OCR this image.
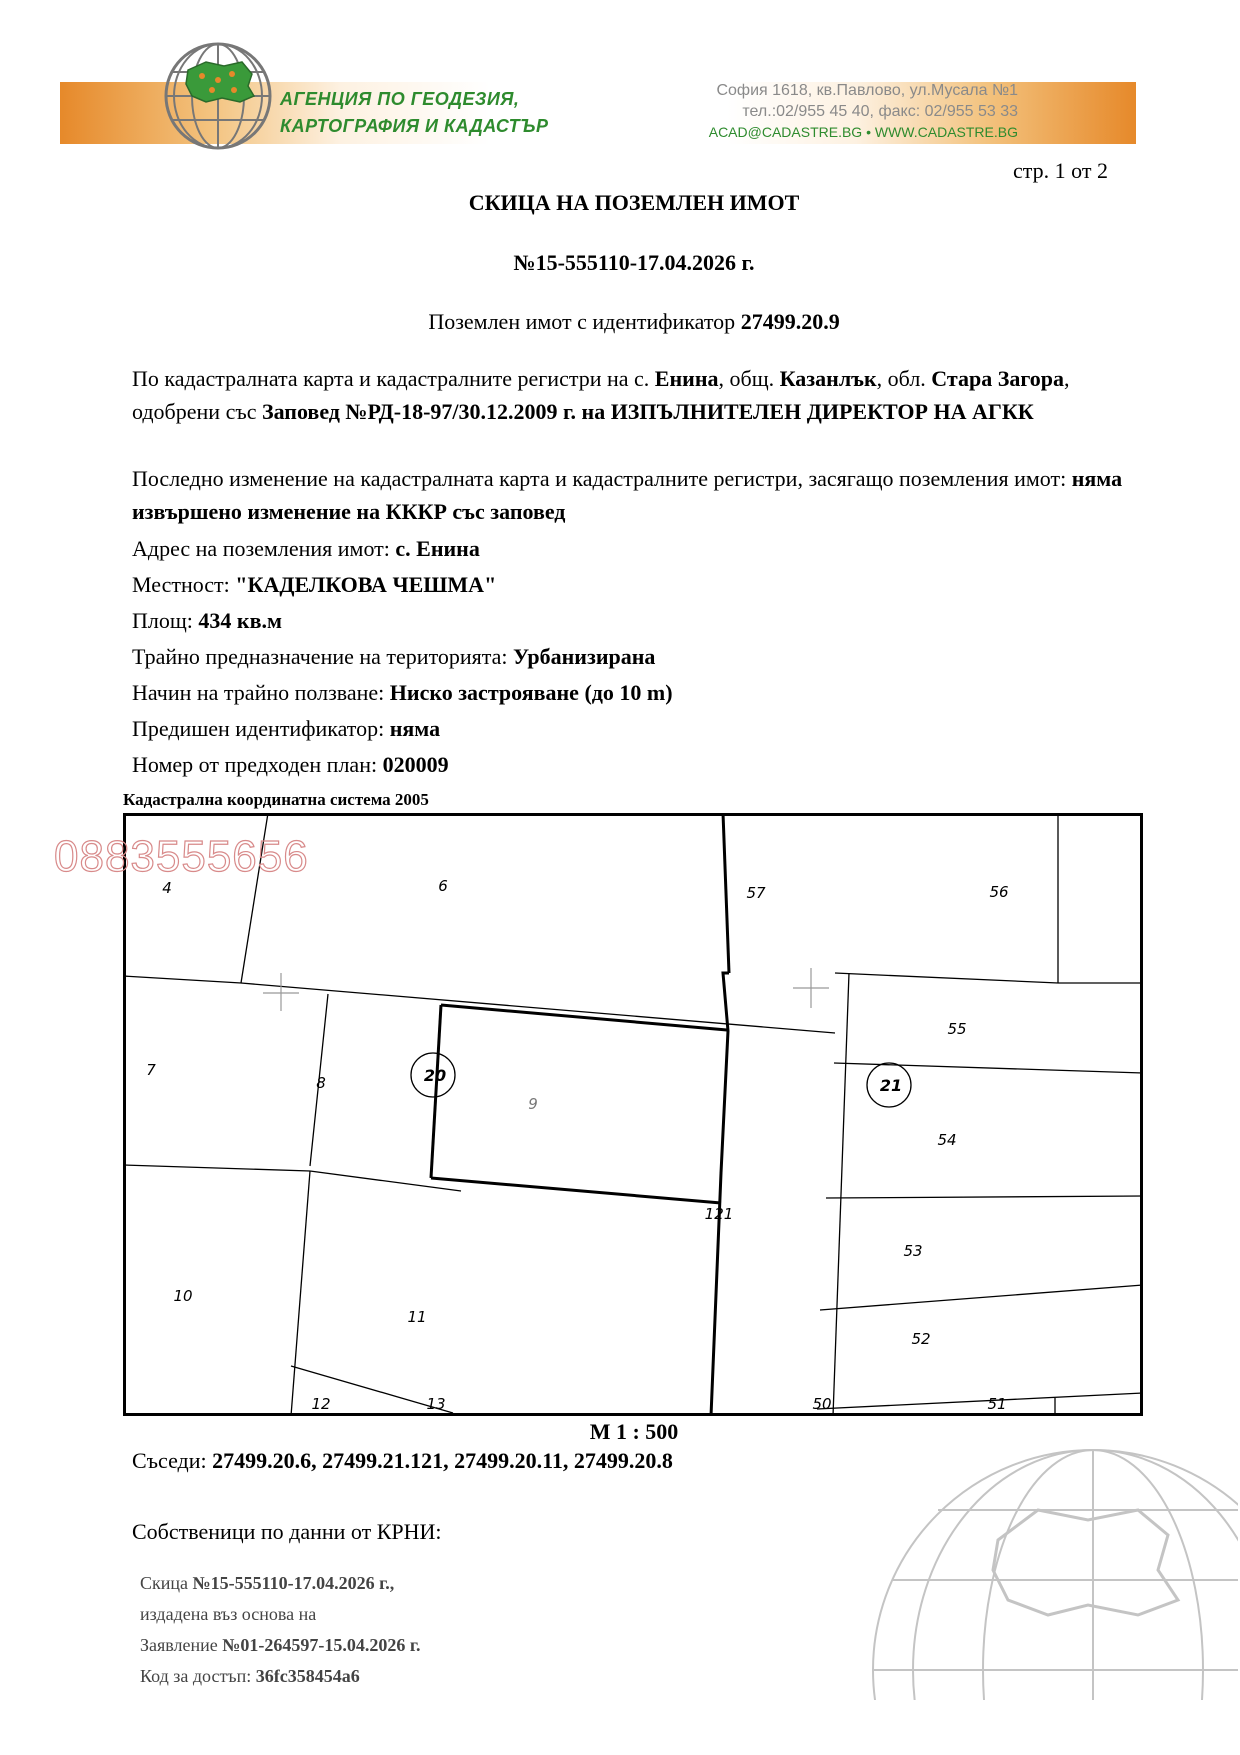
АГЕНЦИЯ ПО ГЕОДЕЗИЯ,
КАРТОГРАФИЯ И КАДАСТЪР
София 1618, кв.Павлово, ул.Мусала №1
тел.:02/955 45 40, факс: 02/955 53 33
ACAD@CADASTRE.BG • WWW.CADASTRE.BG
стр. 1 от 2
СКИЦА НА ПОЗЕМЛЕН ИМОТ
№15-555110-17.04.2026 г.
Поземлен имот с идентификатор 27499.20.9
По кадастралната карта и кадастралните регистри на с. Енина, общ. Казанлък, обл. Стара Загора, одобрени със Заповед №РД-18-97/30.12.2009 г. на ИЗПЪЛНИТЕЛЕН ДИРЕКТОР НА АГКК
Последно изменение на кадастралната карта и кадастралните регистри, засягащо поземления имот: няма извършено изменение на КККР със заповед
Адрес на поземления имот: с. Енина
Местност: "КАДЕЛКОВА ЧЕШМА"
Площ: 434 кв.м
Трайно предназначение на територията: Урбанизирана
Начин на трайно ползване: Ниско застрояване (до 10 m)
Предишен идентификатор: няма
Номер от предходен план: 020009
Кадастрална координатна система 2005
4	6	57	56
7
8
9
55
54
10
11
121
53
52
12	13	50	51
20
21
0883555656
М 1 : 500
Съседи: 27499.20.6, 27499.21.121, 27499.20.11, 27499.20.8
Собственици по данни от КРНИ:
Скица №15-555110-17.04.2026 г.,
издадена въз основа на
Заявление №01-264597-15.04.2026 г.
Код за достъп: 36fc358454a6
